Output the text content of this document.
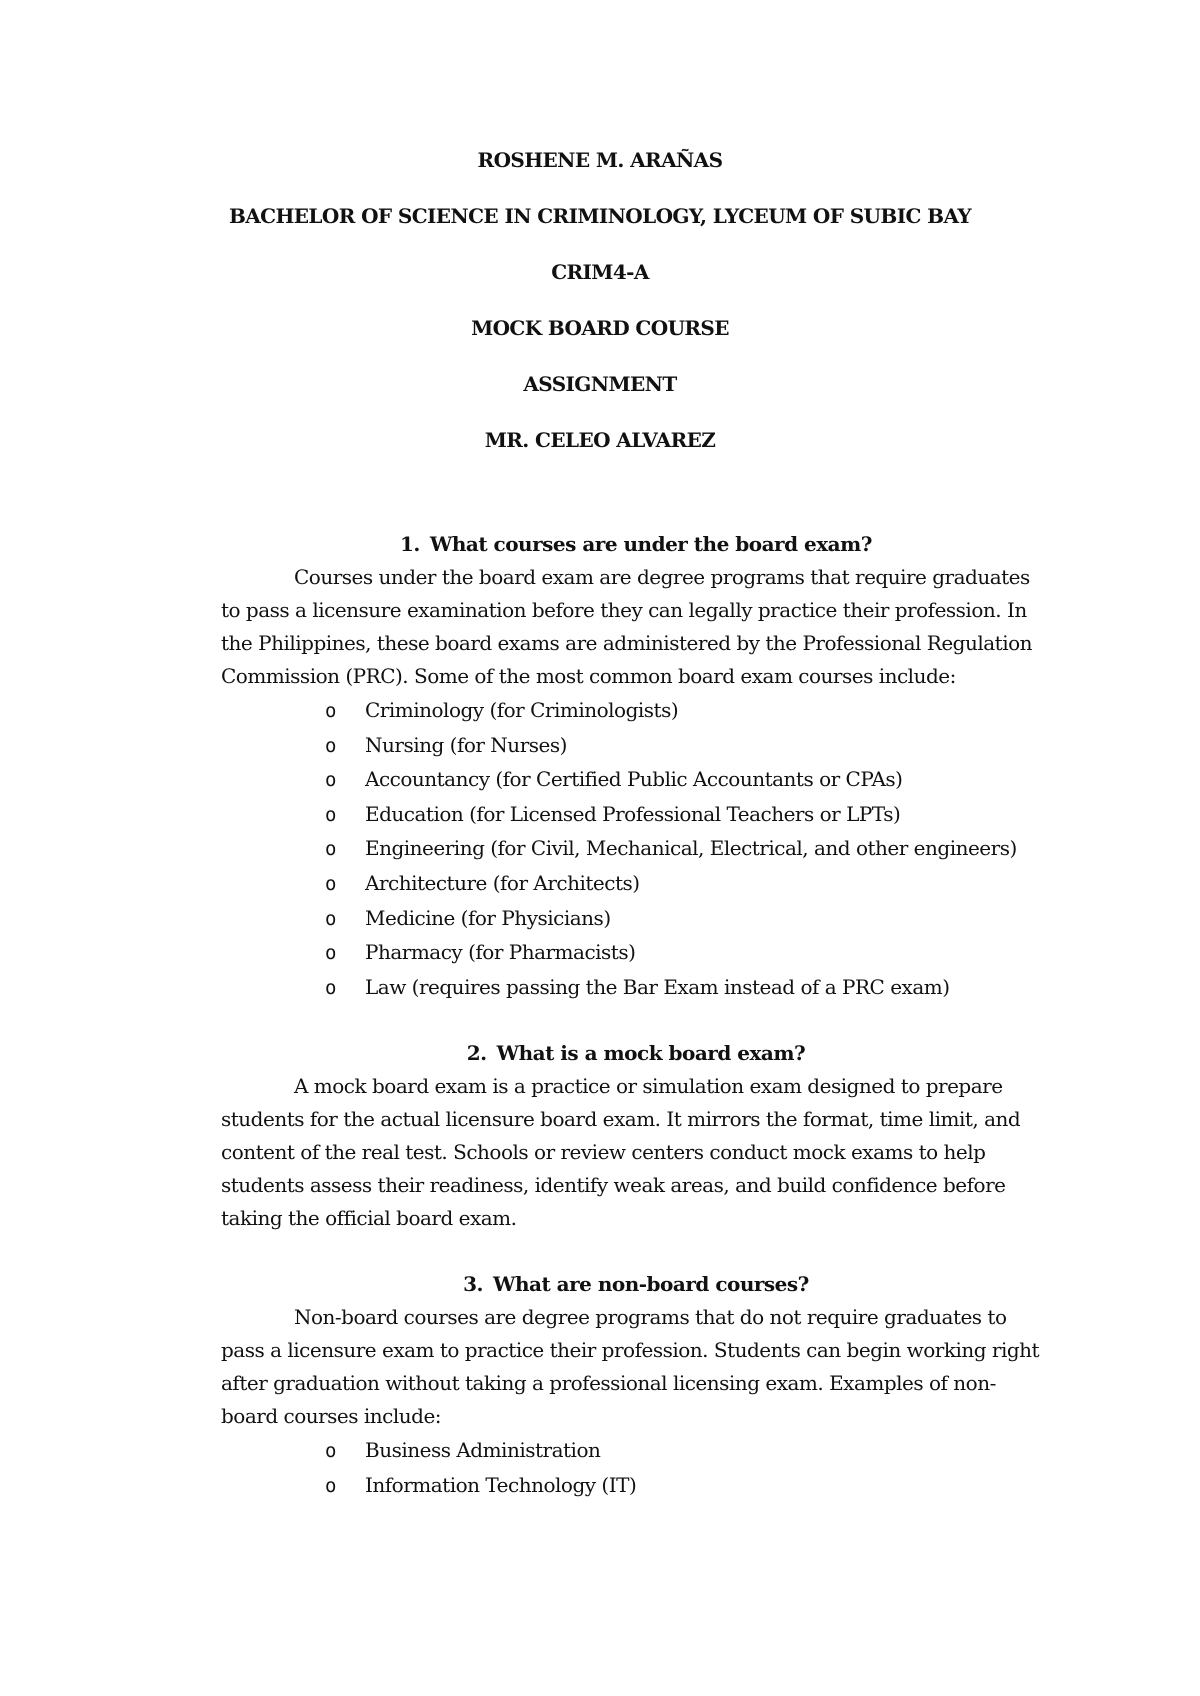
ROSHENE M. ARAÑAS
BACHELOR OF SCIENCE IN CRIMINOLOGY, LYCEUM OF SUBIC BAY
CRIM4-A
MOCK BOARD COURSE
ASSIGNMENT
MR. CELEO ALVAREZ
1. What courses are under the board exam?

Courses under the board exam are degree programs that require graduates to pass a licensure examination before they can legally practice their profession. In the Philippines, these board exams are administered by the Professional Regulation Commission (PRC). Some of the most common board exam courses include:

o Criminology (for Criminologists)
o Nursing (for Nurses)
o Accountancy (for Certified Public Accountants or CPAs)
o Education (for Licensed Professional Teachers or LPTs)
o Engineering (for Civil, Mechanical, Electrical, and other engineers)
o Architecture (for Architects)
o Medicine (for Physicians)
o Pharmacy (for Pharmacists)
o Law (requires passing the Bar Exam instead of a PRC exam)
2. What is a mock board exam?

A mock board exam is a practice or simulation exam designed to prepare students for the actual licensure board exam. It mirrors the format, time limit, and content of the real test. Schools or review centers conduct mock exams to help students assess their readiness, identify weak areas, and build confidence before taking the official board exam.

3. What are non-board courses?

Non-board courses are degree programs that do not require graduates to pass a licensure exam to practice their profession. Students can begin working right after graduation without taking a professional licensing exam. Examples of non-board courses include:

o Business Administration
o Information Technology (IT)
